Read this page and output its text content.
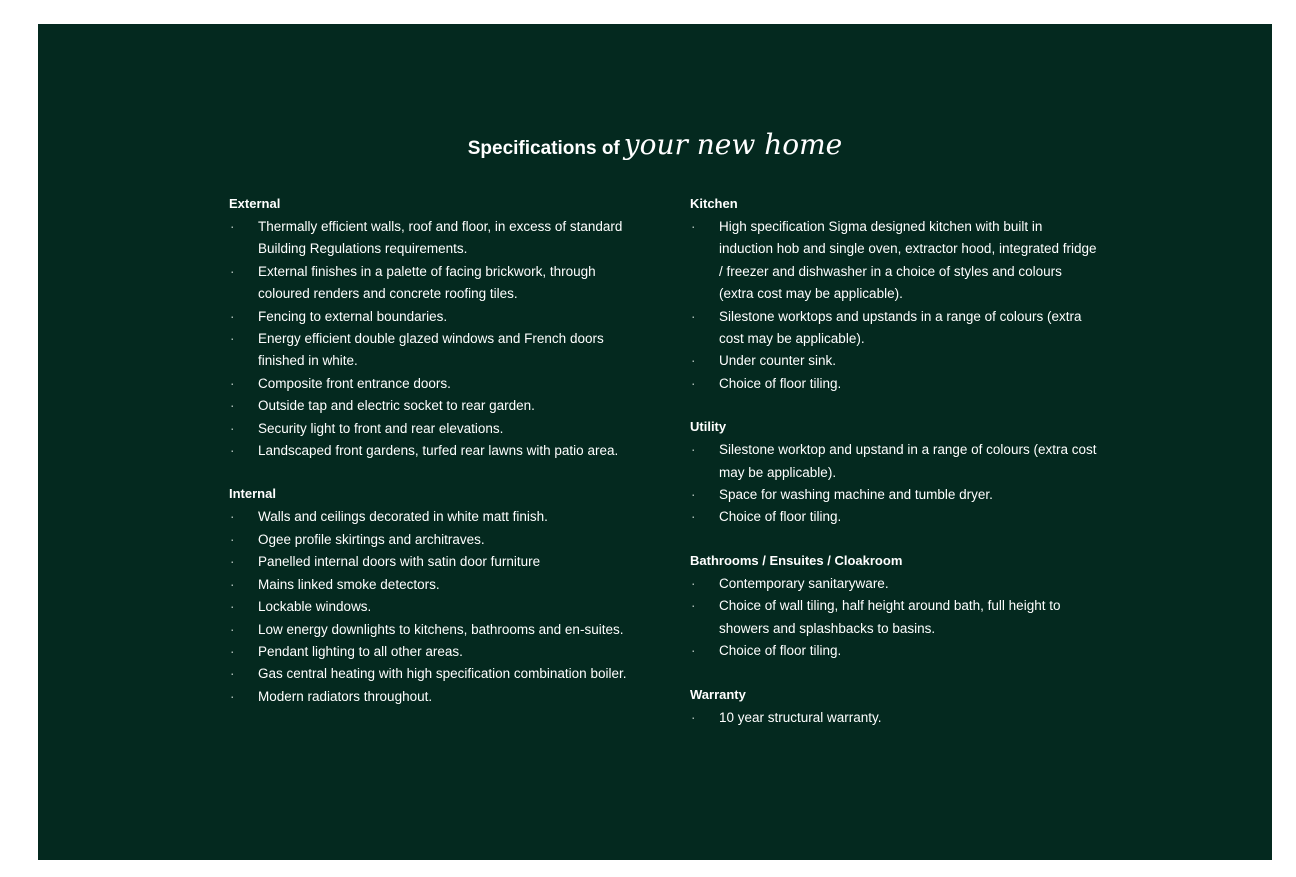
Specifications of your new home
External
· Thermally efficient walls, roof and floor, in excess of standard Building Regulations requirements.
· External finishes in a palette of facing brickwork, through coloured renders and concrete roofing tiles.
· Fencing to external boundaries.
· Energy efficient double glazed windows and French doors finished in white.
· Composite front entrance doors.
· Outside tap and electric socket to rear garden.
· Security light to front and rear elevations.
· Landscaped front gardens, turfed rear lawns with patio area.
Internal
· Walls and ceilings decorated in white matt finish.
· Ogee profile skirtings and architraves.
· Panelled internal doors with satin door furniture
· Mains linked smoke detectors.
· Lockable windows.
· Low energy downlights to kitchens, bathrooms and en-suites.
· Pendant lighting to all other areas.
· Gas central heating with high specification combination boiler.
· Modern radiators throughout.
Kitchen
· High specification Sigma designed kitchen with built in induction hob and single oven, extractor hood, integrated fridge / freezer and dishwasher in a choice of styles and colours (extra cost may be applicable).
· Silestone worktops and upstands in a range of colours (extra cost may be applicable).
· Under counter sink.
· Choice of floor tiling.
Utility
· Silestone worktop and upstand in a range of colours (extra cost may be applicable).
· Space for washing machine and tumble dryer.
· Choice of floor tiling.
Bathrooms / Ensuites / Cloakroom
· Contemporary sanitaryware.
· Choice of wall tiling, half height around bath, full height to showers and splashbacks to basins.
· Choice of floor tiling.
Warranty
· 10 year structural warranty.
